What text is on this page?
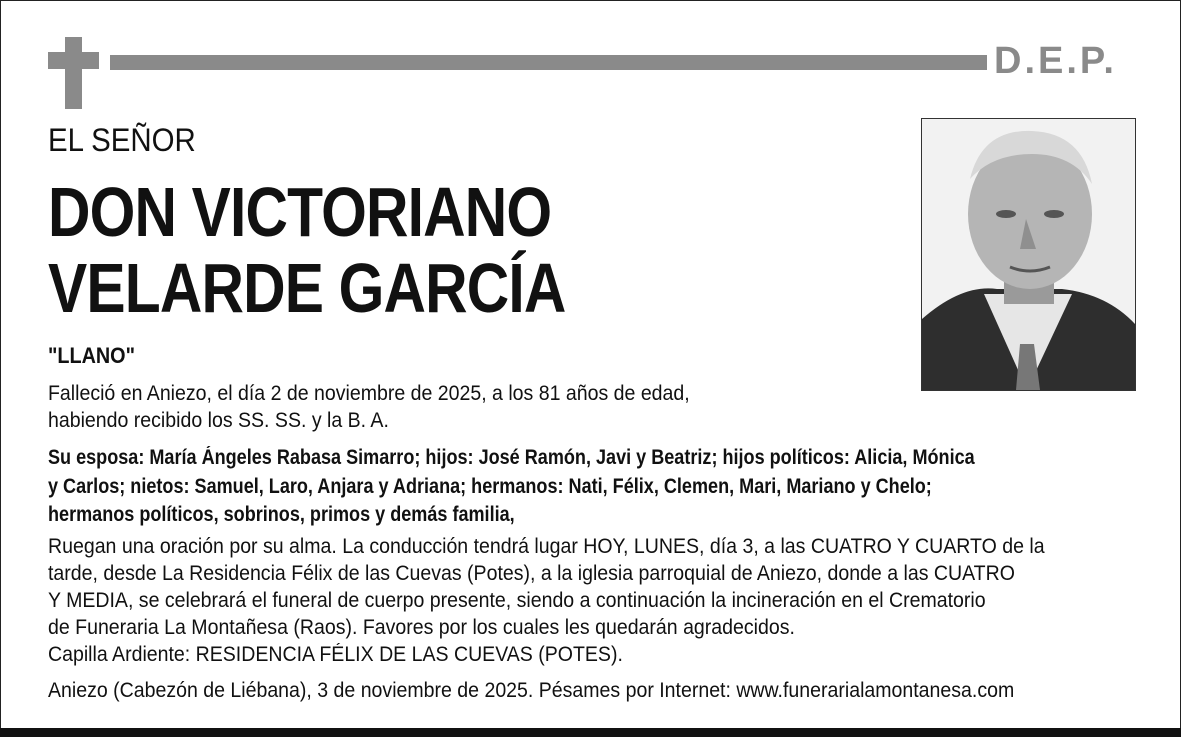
D.E.P.
EL SEÑOR
DON VICTORIANO
VELARDE GARCÍA
"LLANO"
Falleció en Aniezo, el día 2 de noviembre de 2025, a los 81 años de edad,
habiendo recibido los SS. SS. y la B. A.
Su esposa: María Ángeles Rabasa Simarro; hijos: José Ramón, Javi y Beatriz; hijos políticos: Alicia, Mónica
y Carlos; nietos: Samuel, Laro, Anjara y Adriana; hermanos: Nati, Félix, Clemen, Mari, Mariano y Chelo;
hermanos políticos, sobrinos, primos y demás familia,
Ruegan una oración por su alma. La conducción tendrá lugar HOY, LUNES, día 3, a las CUATRO Y CUARTO de la
tarde, desde La Residencia Félix de las Cuevas (Potes), a la iglesia parroquial de Aniezo, donde a las CUATRO
Y MEDIA, se celebrará el funeral de cuerpo presente, siendo a continuación la incineración en el Crematorio
de Funeraria La Montañesa (Raos). Favores por los cuales les quedarán agradecidos.
Capilla Ardiente: RESIDENCIA FÉLIX DE LAS CUEVAS (POTES).
Aniezo (Cabezón de Liébana), 3 de noviembre de 2025. Pésames por Internet: www.funerarialamontanesa.com
